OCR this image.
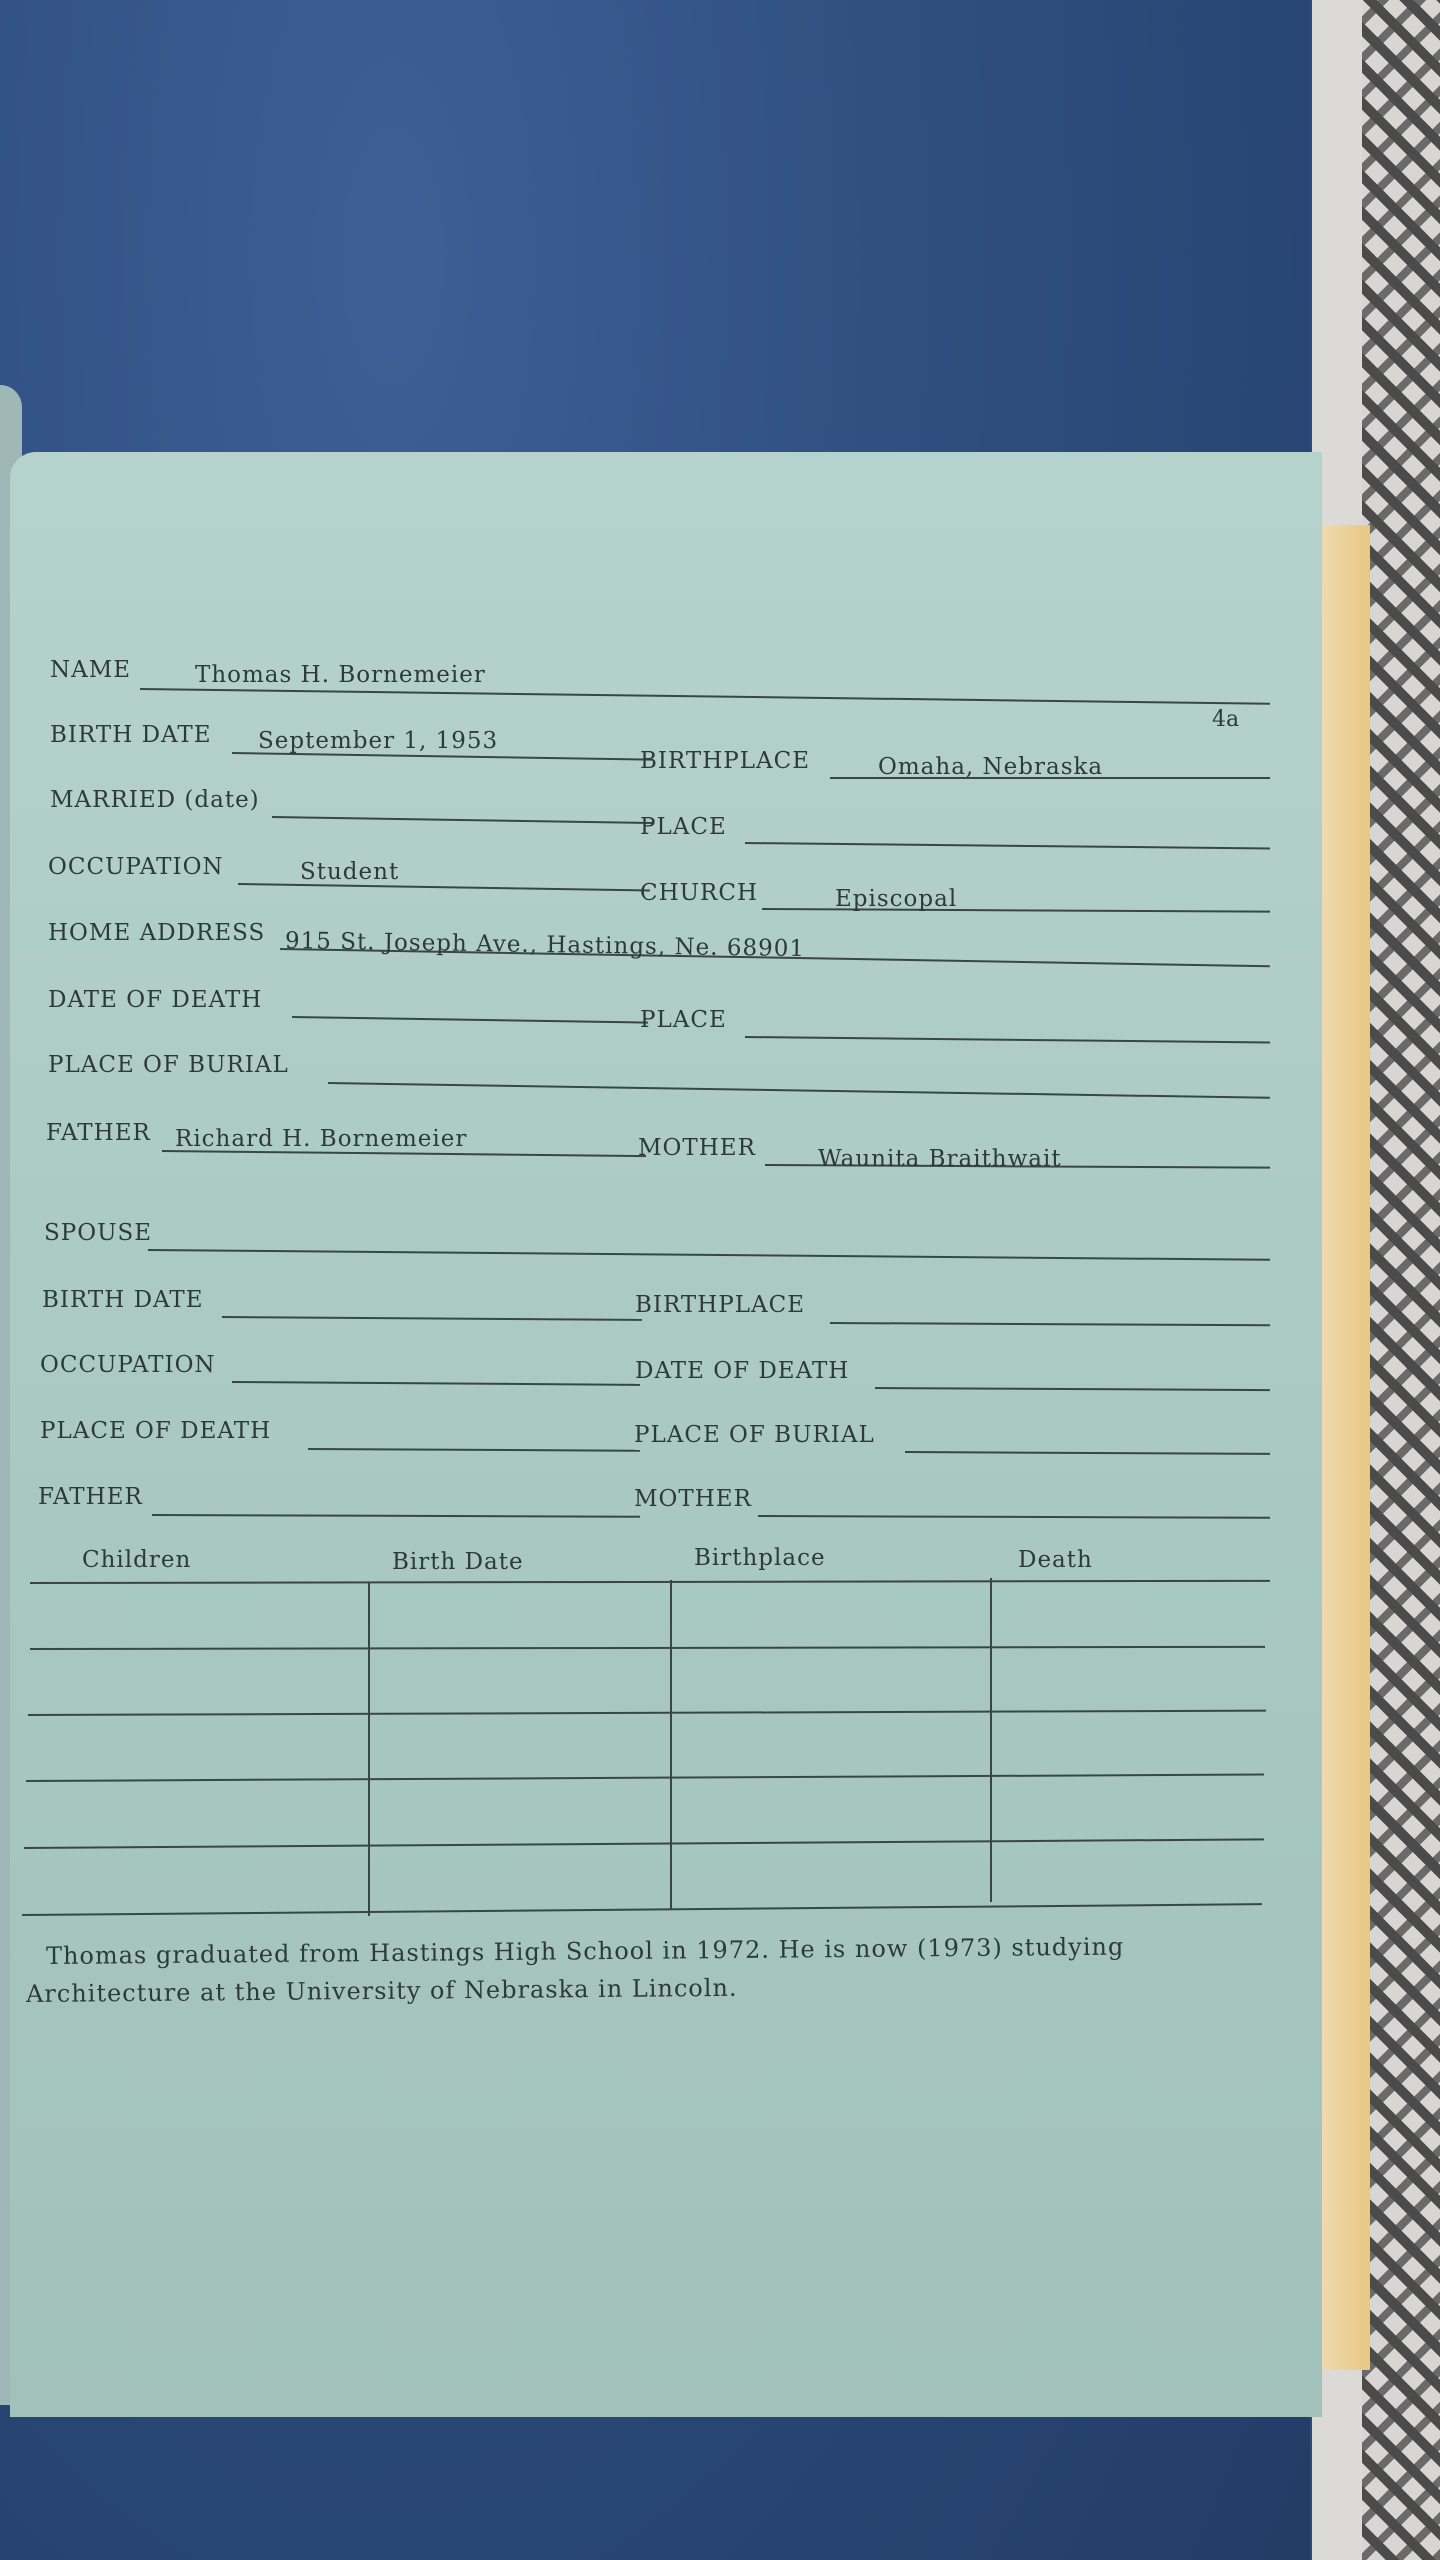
NAME	Thomas H. Bornemeier
4a
BIRTH DATE September 1, 1953
BIRTHPLACE	Omaha, Nebraska
MARRIED (date)
PLACE
OCCUPATION	Student
CHURCH	Episcopal
HOME ADDRESS 915 St. Joseph Ave., Hastings, Ne. 68901
DATE OF DEATH
PLACE
PLACE OF BURIAL
FATHER Richard H. Bornemeier	MOTHER	Waunita Braithwait
SPOUSE
BIRTH DATE	BIRTHPLACE
OCCUPATION	DATE OF DEATH
PLACE OF DEATH	PLACE OF BURIAL
FATHER	MOTHER
Children	Birth Date	Birthplace	Death
Thomas graduated from Hastings High School in 1972. He is now (1973) studying
Architecture at the University of Nebraska in Lincoln.
